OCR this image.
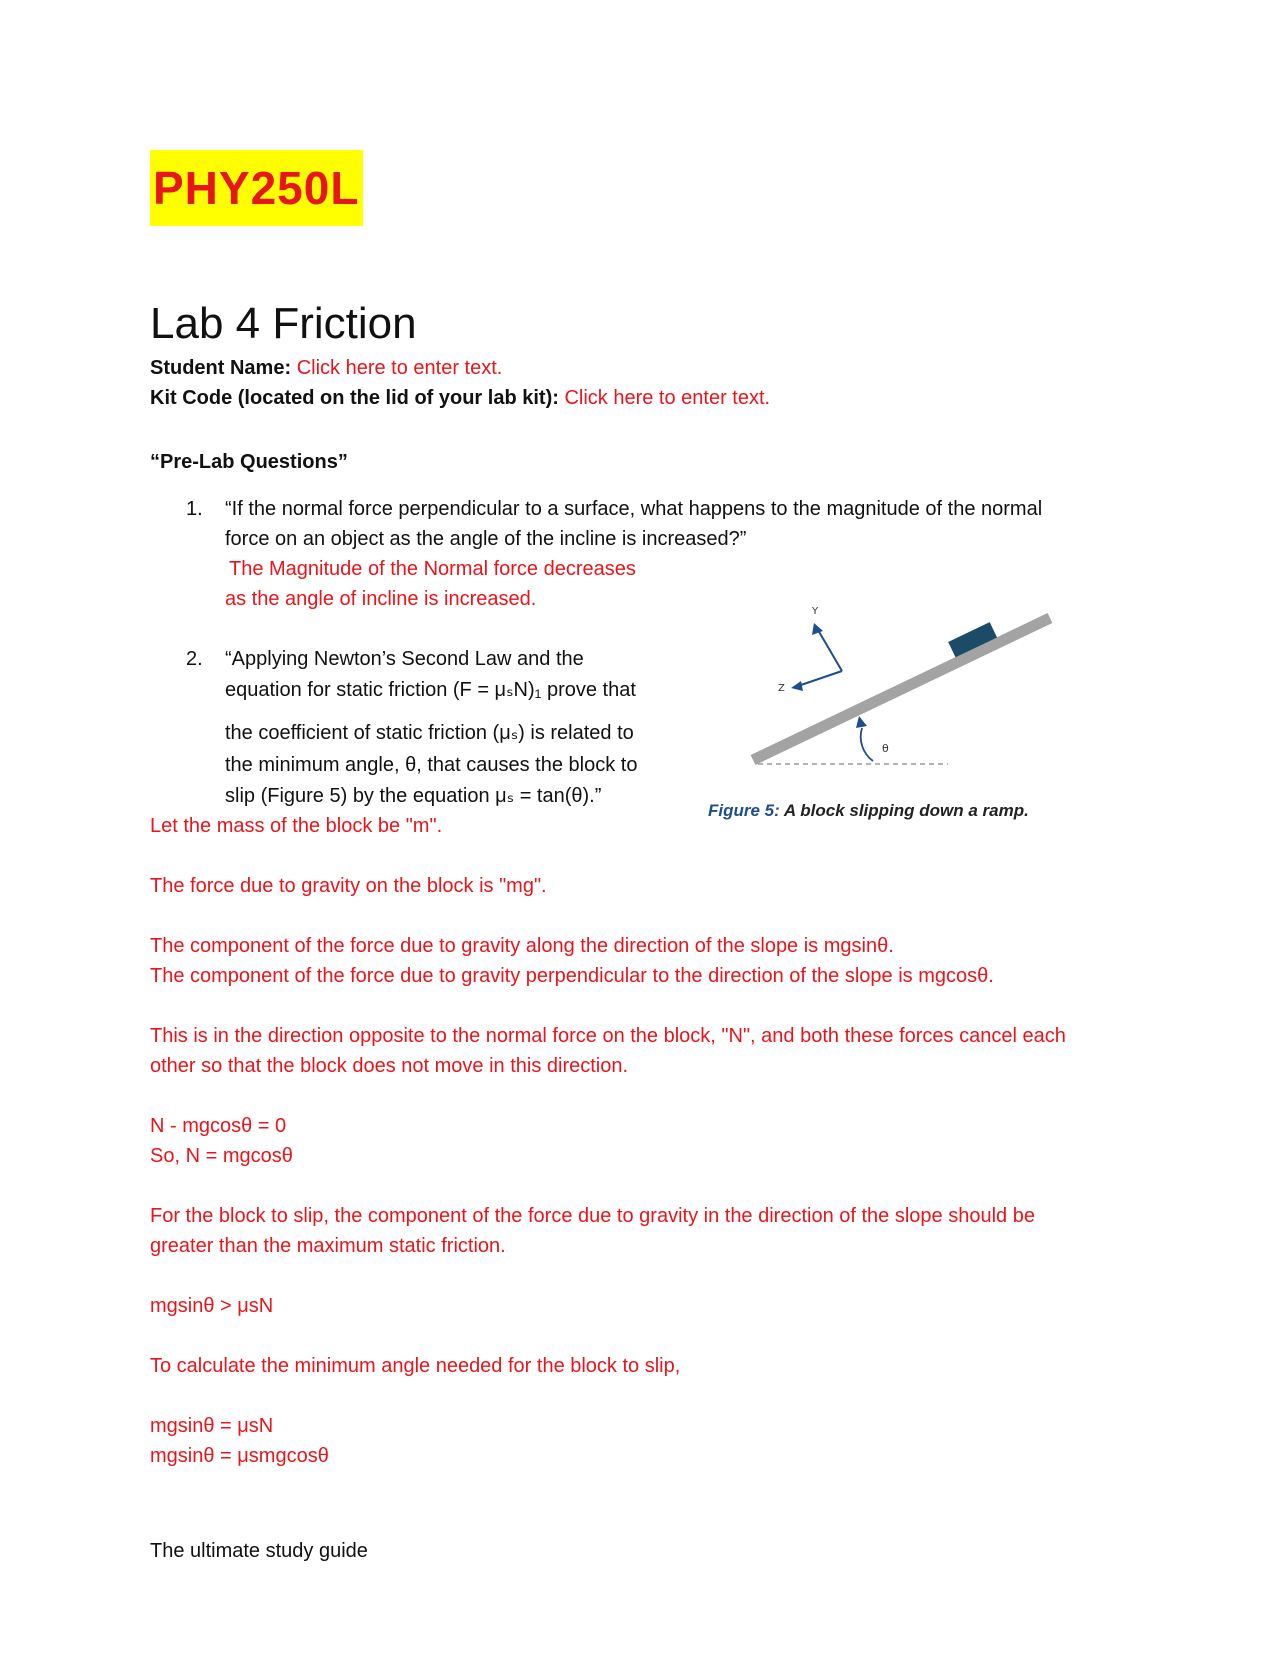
PHY250L
Lab 4 Friction
Student Name: Click here to enter text.
Kit Code (located on the lid of your lab kit): Click here to enter text.
“Pre-Lab Questions”
1. “If the normal force perpendicular to a surface, what happens to the magnitude of the normal
force on an object as the angle of the incline is increased?”
The Magnitude of the Normal force decreases
as the angle of incline is increased.
2. “Applying Newton’s Second Law and the
equation for static friction (F = μₛN)₁ prove that
the coefficient of static friction (μₛ) is related to
the minimum angle, θ, that causes the block to
slip (Figure 5) by the equation μₛ = tan(θ).”
θ
Y
Z
Figure 5: A block slipping down a ramp.
Let the mass of the block be "m".
The force due to gravity on the block is "mg".
The component of the force due to gravity along the direction of the slope is mgsinθ.
The component of the force due to gravity perpendicular to the direction of the slope is mgcosθ.
This is in the direction opposite to the normal force on the block, "N", and both these forces cancel each
other so that the block does not move in this direction.
N - mgcosθ = 0
So, N = mgcosθ
For the block to slip, the component of the force due to gravity in the direction of the slope should be
greater than the maximum static friction.
mgsinθ > μsN
To calculate the minimum angle needed for the block to slip,
mgsinθ = μsN
mgsinθ = μsmgcosθ
The ultimate study guide
